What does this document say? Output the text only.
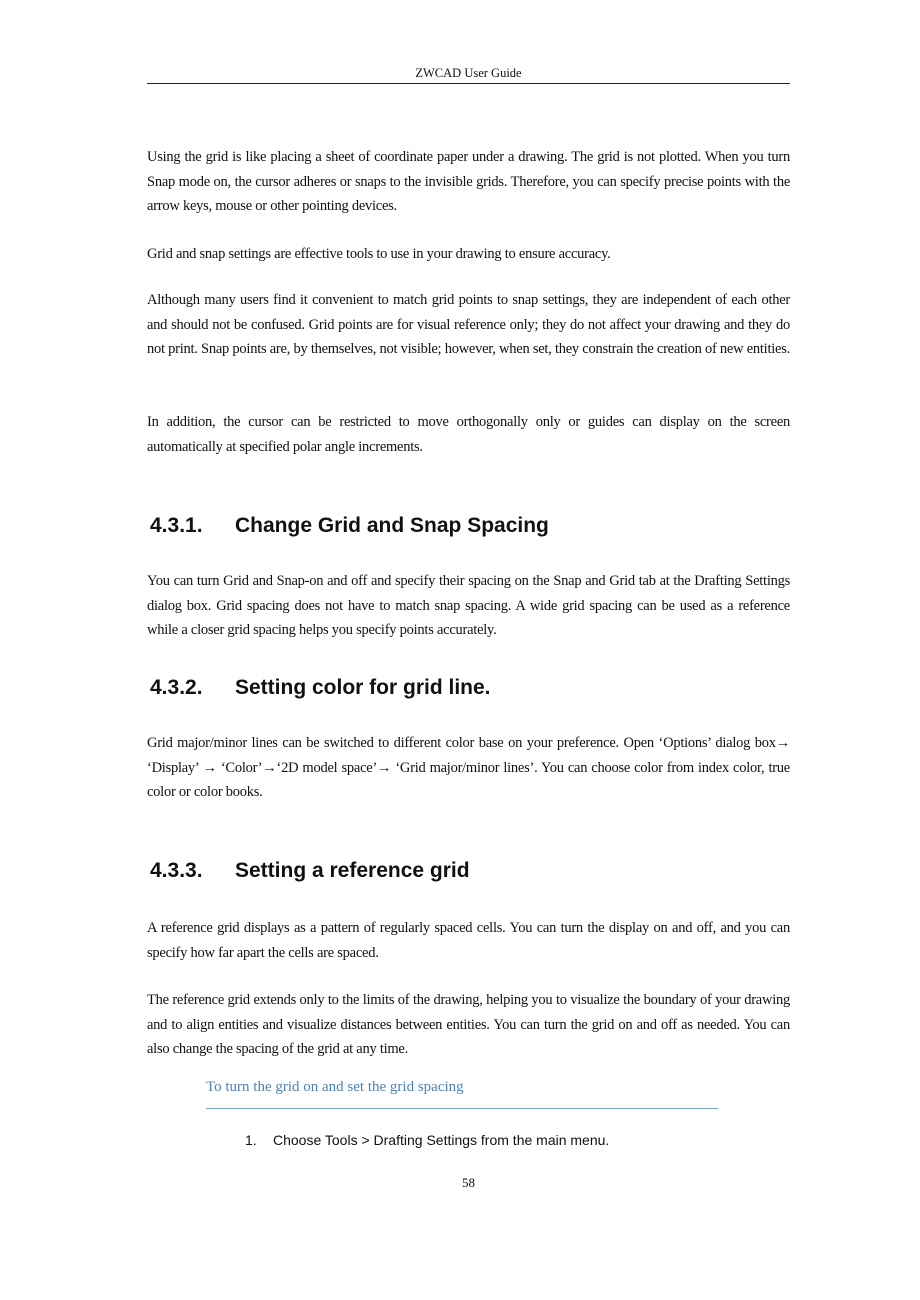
ZWCAD User Guide

Using the grid is like placing a sheet of coordinate paper under a drawing. The grid is not plotted. When you turn Snap mode on, the cursor adheres or snaps to the invisible grids. Therefore, you can specify precise points with the arrow keys, mouse or other pointing devices.

Grid and snap settings are effective tools to use in your drawing to ensure accuracy.

Although many users find it convenient to match grid points to snap settings, they are independent of each other and should not be confused. Grid points are for visual reference only; they do not affect your drawing and they do not print. Snap points are, by themselves, not visible; however, when set, they constrain the creation of new entities.

In addition, the cursor can be restricted to move orthogonally only or guides can display on the screen automatically at specified polar angle increments.

4.3.1. Change Grid and Snap Spacing

You can turn Grid and Snap-on and off and specify their spacing on the Snap and Grid tab at the Drafting Settings dialog box. Grid spacing does not have to match snap spacing. A wide grid spacing can be used as a reference while a closer grid spacing helps you specify points accurately.

4.3.2. Setting color for grid line.

Grid major/minor lines can be switched to different color base on your preference. Open ‘Options’ dialog box→ ‘Display’ → ‘Color’→‘2D model space’→ ‘Grid major/minor lines’. You can choose color from index color, true color or color books.

4.3.3. Setting a reference grid

A reference grid displays as a pattern of regularly spaced cells. You can turn the display on and off, and you can specify how far apart the cells are spaced.

The reference grid extends only to the limits of the drawing, helping you to visualize the boundary of your drawing and to align entities and visualize distances between entities. You can turn the grid on and off as needed. You can also change the spacing of the grid at any time.

To turn the grid on and set the grid spacing
1. Choose Tools > Drafting Settings from the main menu.
58
